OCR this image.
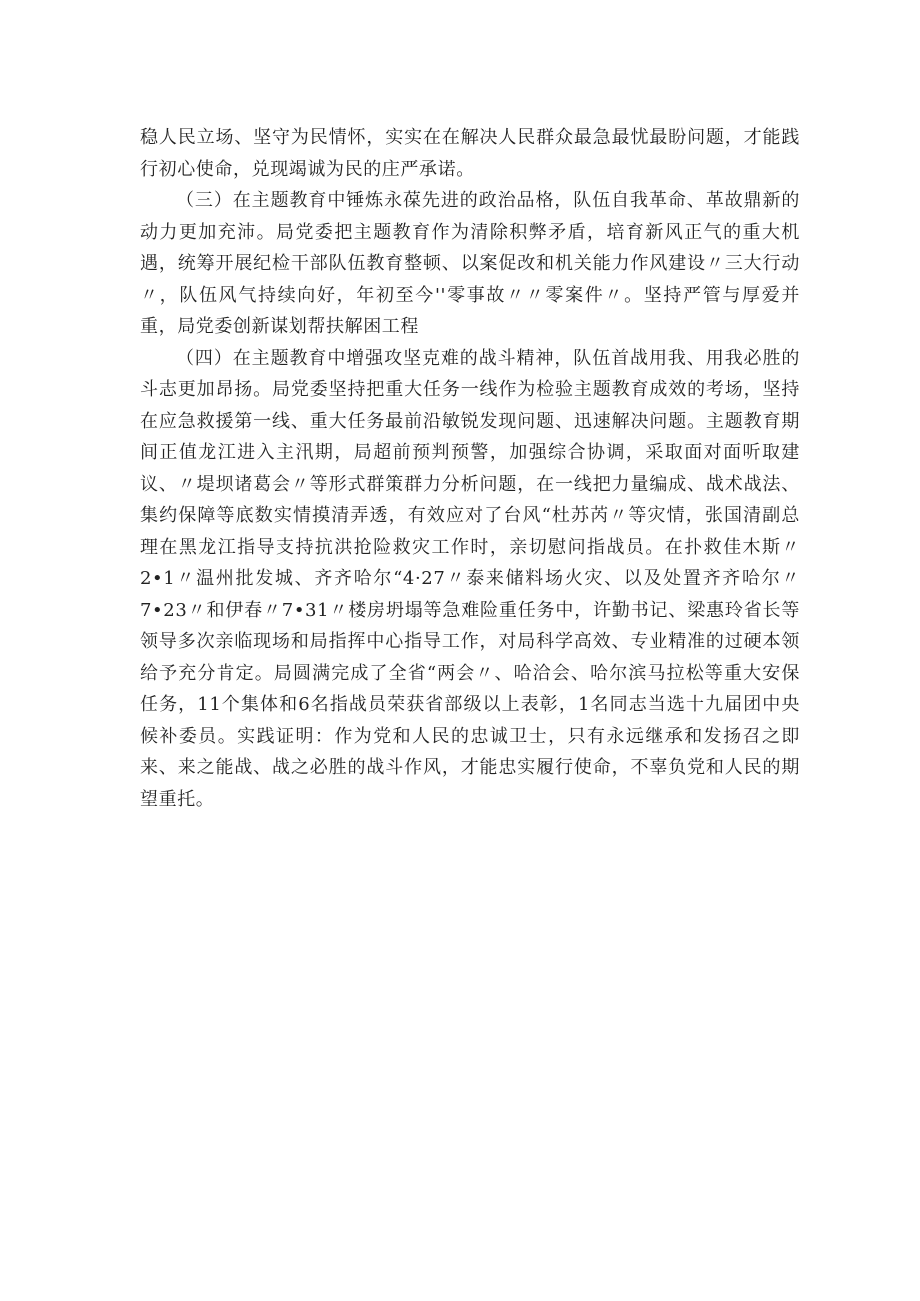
稳人民立场、坚守为民情怀，实实在在解决人民群众最急最忧最盼问题，才能践行初心使命，兑现竭诚为民的庄严承诺。

（三）在主题教育中锤炼永葆先进的政治品格，队伍自我革命、革故鼎新的动力更加充沛。局党委把主题教育作为清除积弊矛盾，培育新风正气的重大机遇，统筹开展纪检干部队伍教育整顿、以案促改和机关能力作风建设〃三大行动〃，队伍风气持续向好，年初至今''零事故〃〃零案件〃。坚持严管与厚爱并重，局党委创新谋划帮扶解困工程

（四）在主题教育中增强攻坚克难的战斗精神，队伍首战用我、用我必胜的斗志更加昂扬。局党委坚持把重大任务一线作为检验主题教育成效的考场，坚持在应急救援第一线、重大任务最前沿敏锐发现问题、迅速解决问题。主题教育期间正值龙江进入主汛期，局超前预判预警，加强综合协调，采取面对面听取建议、〃堤坝诸葛会〃等形式群策群力分析问题，在一线把力量编成、战术战法、集约保障等底数实情摸清弄透，有效应对了台风“杜苏芮〃等灾情，张国清副总理在黑龙江指导支持抗洪抢险救灾工作时，亲切慰问指战员。在扑救佳木斯〃2•1〃温州批发城、齐齐哈尔“4·27〃泰来储料场火灾、以及处置齐齐哈尔〃7•23〃和伊春〃7•31〃楼房坍塌等急难险重任务中，许勤书记、梁惠玲省长等领导多次亲临现场和局指挥中心指导工作，对局科学高效、专业精准的过硬本领给予充分肯定。局圆满完成了全省“两会〃、哈洽会、哈尔滨马拉松等重大安保任务，11个集体和6名指战员荣获省部级以上表彰，1名同志当选十九届团中央候补委员。实践证明：作为党和人民的忠诚卫士，只有永远继承和发扬召之即来、来之能战、战之必胜的战斗作风，才能忠实履行使命，不辜负党和人民的期望重托。
